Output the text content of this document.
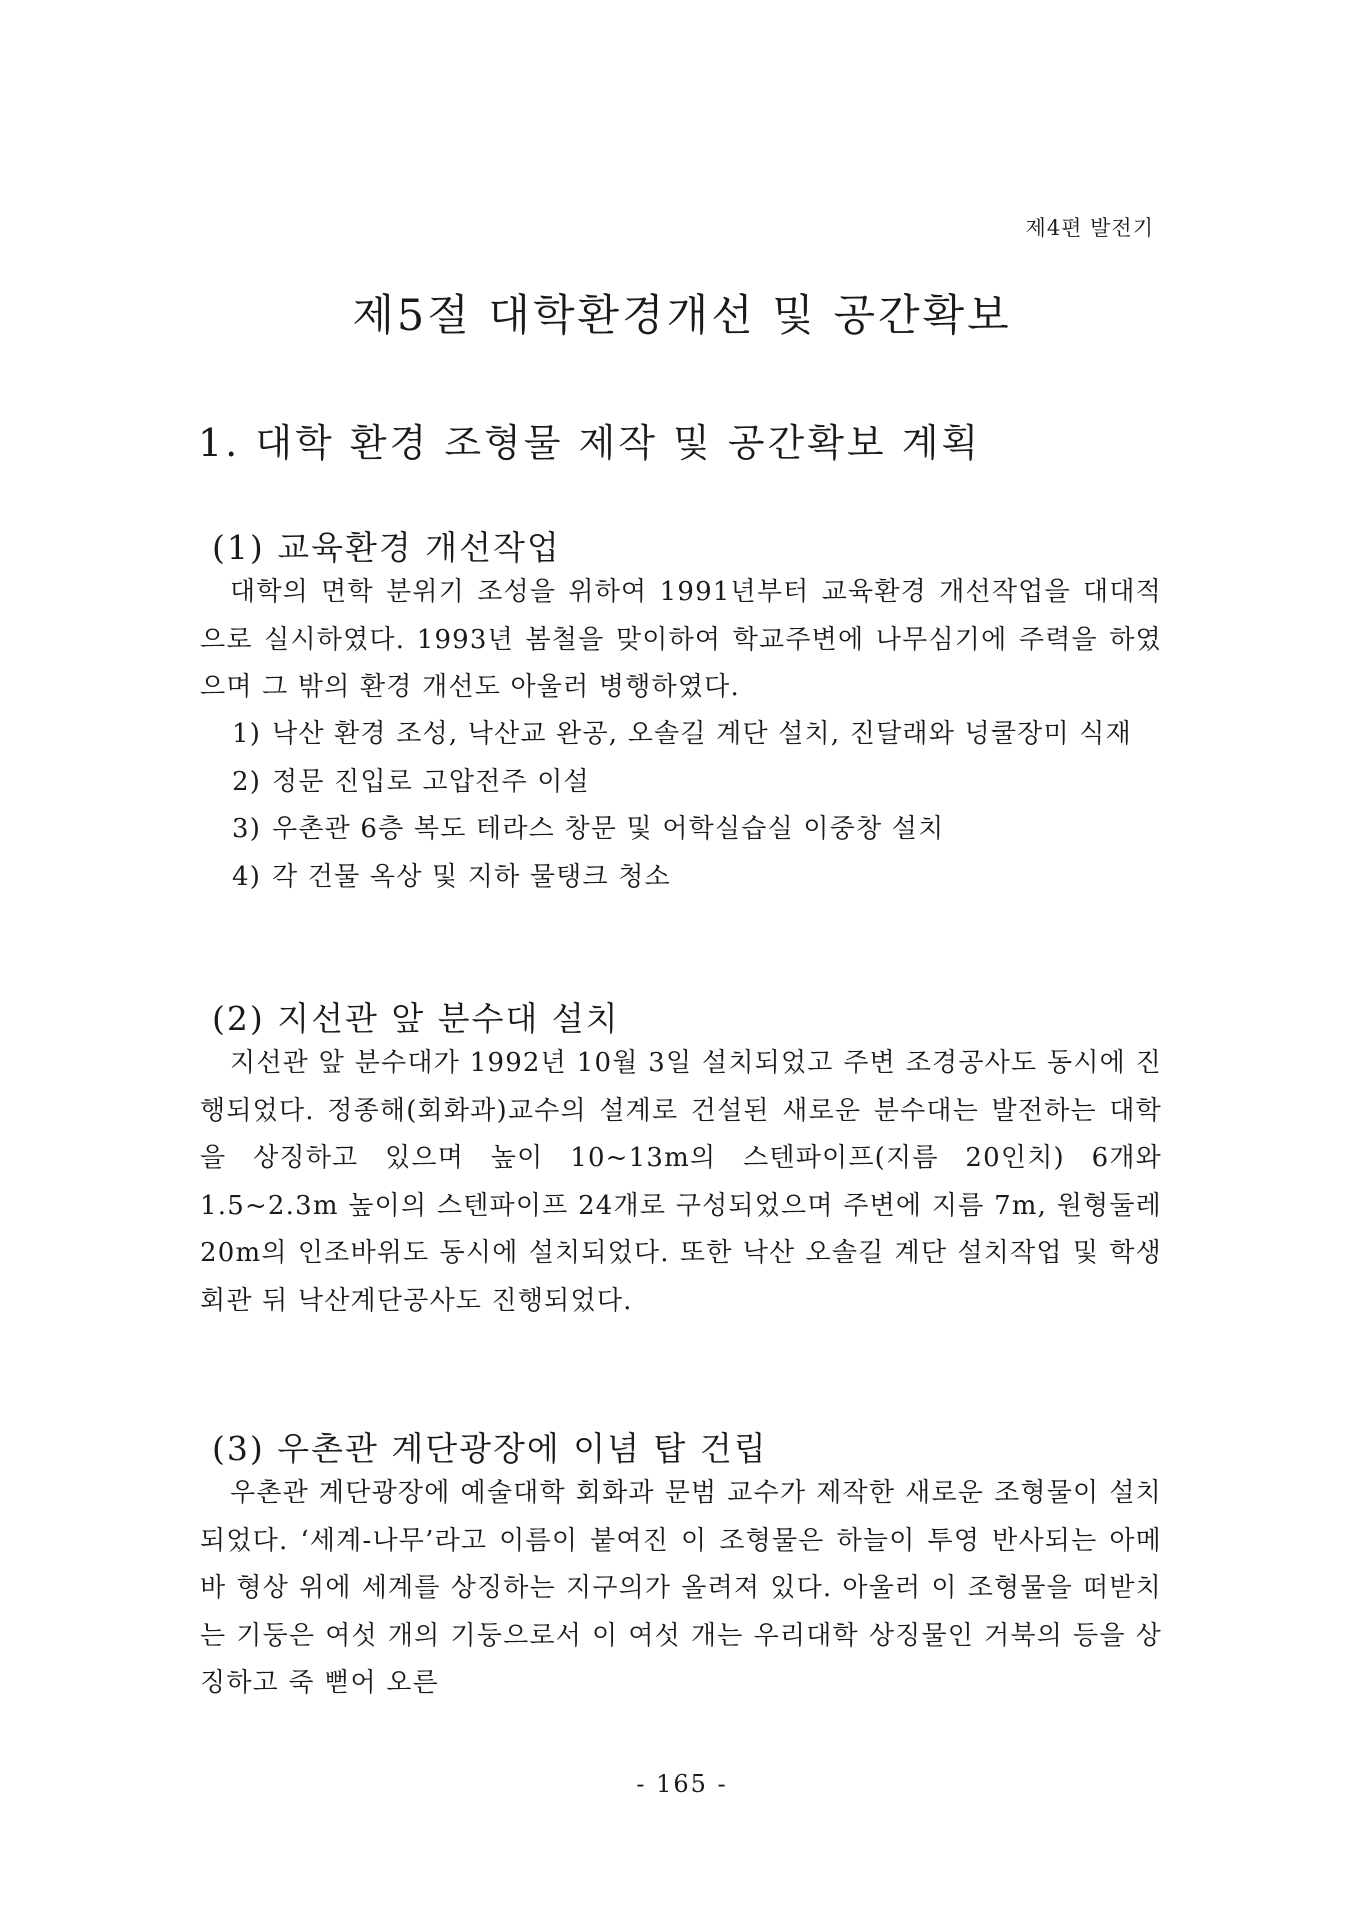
제4편 발전기
제5절 대학환경개선 및 공간확보
1. 대학 환경 조형물 제작 및 공간확보 계획
(1) 교육환경 개선작업

대학의 면학 분위기 조성을 위하여 1991년부터 교육환경 개선작업을 대대적으로 실시하였다. 1993년 봄철을 맞이하여 학교주변에 나무심기에 주력을 하였으며 그 밖의 환경 개선도 아울러 병행하였다.

1) 낙산 환경 조성, 낙산교 완공, 오솔길 계단 설치, 진달래와 넝쿨장미 식재
2) 정문 진입로 고압전주 이설
3) 우촌관 6층 복도 테라스 창문 및 어학실습실 이중창 설치
4) 각 건물 옥상 및 지하 물탱크 청소
(2) 지선관 앞 분수대 설치

지선관 앞 분수대가 1992년 10월 3일 설치되었고 주변 조경공사도 동시에 진행되었다. 정종해(회화과)교수의 설계로 건설된 새로운 분수대는 발전하는 대학을 상징하고 있으며 높이 10~13m의 스텐파이프(지름 20인치) 6개와 1.5~2.3m 높이의 스텐파이프 24개로 구성되었으며 주변에 지름 7m, 원형둘레 20m의 인조바위도 동시에 설치되었다. 또한 낙산 오솔길 계단 설치작업 및 학생회관 뒤 낙산계단공사도 진행되었다.

(3) 우촌관 계단광장에 이념 탑 건립

우촌관 계단광장에 예술대학 회화과 문범 교수가 제작한 새로운 조형물이 설치되었다. ‘세계-나무’라고 이름이 붙여진 이 조형물은 하늘이 투영 반사되는 아메바 형상 위에 세계를 상징하는 지구의가 올려져 있다. 아울러 이 조형물을 떠받치는 기둥은 여섯 개의 기둥으로서 이 여섯 개는 우리대학 상징물인 거북의 등을 상징하고 죽 뻗어 오른

- 165 -
